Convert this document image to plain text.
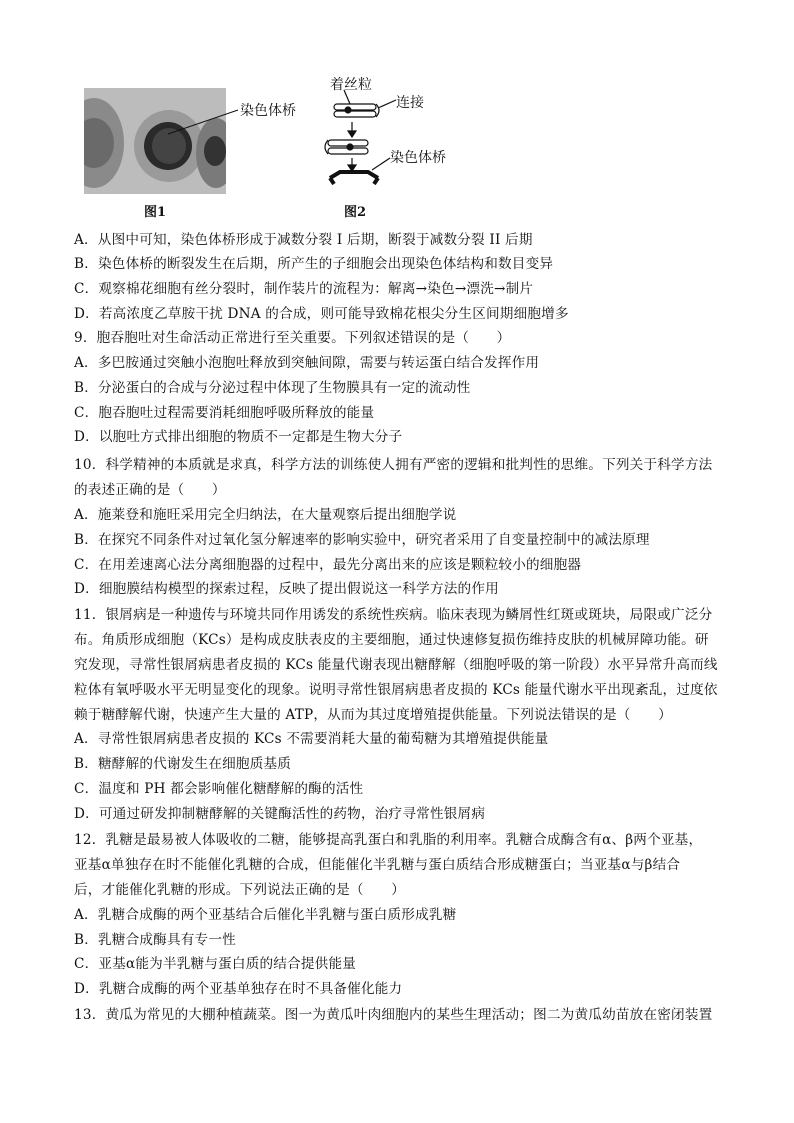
染色体桥
着丝粒
连接
染色体桥
图1	图2
A．从图中可知，染色体桥形成于减数分裂 I 后期，断裂于减数分裂 II 后期
B．染色体桥的断裂发生在后期，所产生的子细胞会出现染色体结构和数目变异
C．观察棉花细胞有丝分裂时，制作装片的流程为：解离→染色→漂洗→制片
D．若高浓度乙草胺干扰 DNA 的合成，则可能导致棉花根尖分生区间期细胞增多
9．胞吞胞吐对生命活动正常进行至关重要。下列叙述错误的是（　　）
A．多巴胺通过突触小泡胞吐释放到突触间隙，需要与转运蛋白结合发挥作用
B．分泌蛋白的合成与分泌过程中体现了生物膜具有一定的流动性
C．胞吞胞吐过程需要消耗细胞呼吸所释放的能量
D．以胞吐方式排出细胞的物质不一定都是生物大分子
10．科学精神的本质就是求真，科学方法的训练使人拥有严密的逻辑和批判性的思维。下列关于科学方法
的表述正确的是（　　）
A．施莱登和施旺采用完全归纳法，在大量观察后提出细胞学说
B．在探究不同条件对过氧化氢分解速率的影响实验中，研究者采用了自变量控制中的减法原理
C．在用差速离心法分离细胞器的过程中，最先分离出来的应该是颗粒较小的细胞器
D．细胞膜结构模型的探索过程，反映了提出假说这一科学方法的作用
11．银屑病是一种遗传与环境共同作用诱发的系统性疾病。临床表现为鳞屑性红斑或斑块，局限或广泛分
布。角质形成细胞（KCs）是构成皮肤表皮的主要细胞，通过快速修复损伤维持皮肤的机械屏障功能。研
究发现，寻常性银屑病患者皮损的 KCs 能量代谢表现出糖酵解（细胞呼吸的第一阶段）水平异常升高而线
粒体有氧呼吸水平无明显变化的现象。说明寻常性银屑病患者皮损的 KCs 能量代谢水平出现紊乱，过度依
赖于糖酵解代谢，快速产生大量的 ATP，从而为其过度增殖提供能量。下列说法错误的是（　　）
A．寻常性银屑病患者皮损的 KCs 不需要消耗大量的葡萄糖为其增殖提供能量
B．糖酵解的代谢发生在细胞质基质
C．温度和 PH 都会影响催化糖酵解的酶的活性
D．可通过研发抑制糖酵解的关键酶活性的药物，治疗寻常性银屑病
12．乳糖是最易被人体吸收的二糖，能够提高乳蛋白和乳脂的利用率。乳糖合成酶含有α、β两个亚基，
亚基α单独存在时不能催化乳糖的合成，但能催化半乳糖与蛋白质结合形成糖蛋白；当亚基α与β结合
后，才能催化乳糖的形成。下列说法正确的是（　　）
A．乳糖合成酶的两个亚基结合后催化半乳糖与蛋白质形成乳糖
B．乳糖合成酶具有专一性
C．亚基α能为半乳糖与蛋白质的结合提供能量
D．乳糖合成酶的两个亚基单独存在时不具备催化能力
13．黄瓜为常见的大棚种植蔬菜。图一为黄瓜叶肉细胞内的某些生理活动；图二为黄瓜幼苗放在密闭装置
